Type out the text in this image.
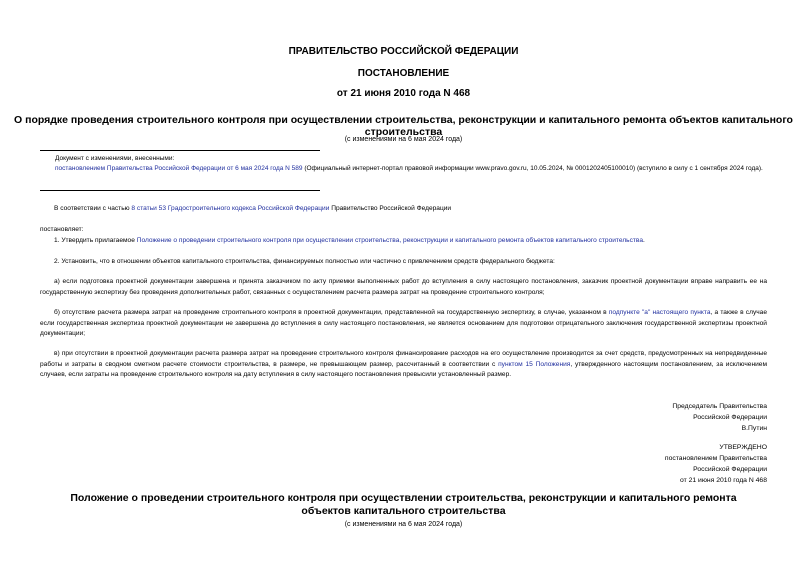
ПРАВИТЕЛЬСТВО РОССИЙСКОЙ ФЕДЕРАЦИИ
ПОСТАНОВЛЕНИЕ
от 21 июня 2010 года N 468
О порядке проведения строительного контроля при осуществлении строительства, реконструкции и капитального ремонта объектов капитального строительства
(с изменениями на 6 мая 2024 года)
Документ с изменениями, внесенными:
постановлением Правительства Российской Федерации от 6 мая 2024 года N 589 (Официальный интернет-портал правовой информации www.pravo.gov.ru, 10.05.2024, № 0001202405100010) (вступило в силу с 1 сентября 2024 года).
В соответствии с частью 8 статьи 53 Градостроительного кодекса Российской Федерации Правительство Российской Федерации
постановляет:
1. Утвердить прилагаемое Положение о проведении строительного контроля при осуществлении строительства, реконструкции и капитального ремонта объектов капитального строительства.
2. Установить, что в отношении объектов капитального строительства, финансируемых полностью или частично с привлечением средств федерального бюджета:
а) если подготовка проектной документации завершена и принята заказчиком по акту приемки выполненных работ до вступления в силу настоящего постановления, заказчик проектной документации вправе направить ее на государственную экспертизу без проведения дополнительных работ, связанных с осуществлением расчета размера затрат на проведение строительного контроля;
б) отсутствие расчета размера затрат на проведение строительного контроля в проектной документации, представленной на государственную экспертизу, в случае, указанном в подпункте "а" настоящего пункта, а также в случае если государственная экспертиза проектной документации не завершена до вступления в силу настоящего постановления, не является основанием для подготовки отрицательного заключения государственной экспертизы проектной документации;
в) при отсутствии в проектной документации расчета размера затрат на проведение строительного контроля финансирование расходов на его осуществление производится за счет средств, предусмотренных на непредвиденные работы и затраты в сводном сметном расчете стоимости строительства, в размере, не превышающем размер, рассчитанный в соответствии с пунктом 15 Положения, утвержденного настоящим постановлением, за исключением случаев, если затраты на проведение строительного контроля на дату вступления в силу настоящего постановления превысили установленный размер.
Председатель Правительства
Российской Федерации
В.Путин
УТВЕРЖДЕНО
постановлением Правительства
Российской Федерации
от 21 июня 2010 года N 468
Положение о проведении строительного контроля при осуществлении строительства, реконструкции и капитального ремонта объектов капитального строительства
(с изменениями на 6 мая 2024 года)
